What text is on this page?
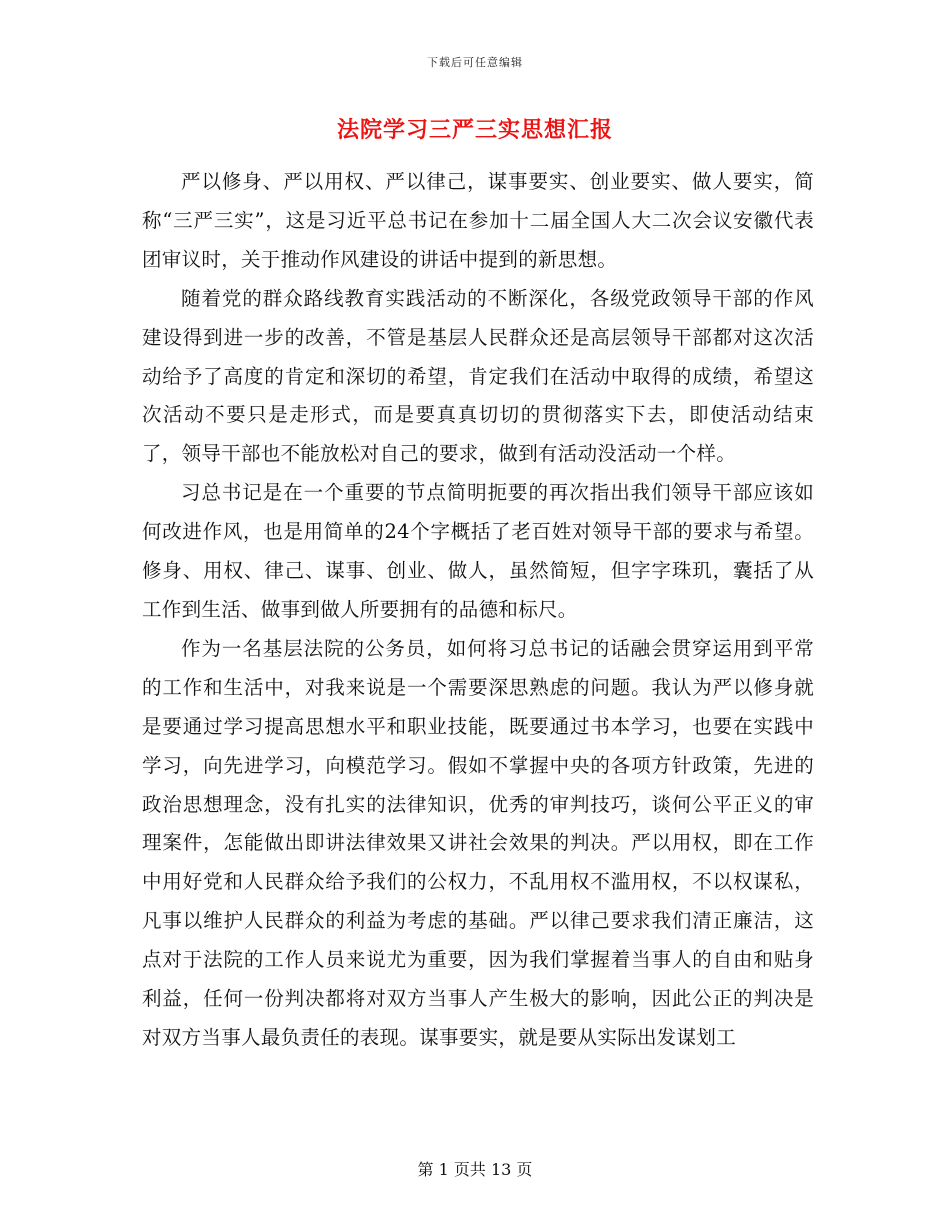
下载后可任意编辑
法院学习三严三实思想汇报

严以修身、严以用权、严以律己，谋事要实、创业要实、做人要实，简称“三严三实”，这是习近平总书记在参加十二届全国人大二次会议安徽代表团审议时，关于推动作风建设的讲话中提到的新思想。

随着党的群众路线教育实践活动的不断深化，各级党政领导干部的作风建设得到进一步的改善，不管是基层人民群众还是高层领导干部都对这次活动给予了高度的肯定和深切的希望，肯定我们在活动中取得的成绩，希望这次活动不要只是走形式，而是要真真切切的贯彻落实下去，即使活动结束了，领导干部也不能放松对自己的要求，做到有活动没活动一个样。

习总书记是在一个重要的节点简明扼要的再次指出我们领导干部应该如何改进作风，也是用简单的24个字概括了老百姓对领导干部的要求与希望。修身、用权、律己、谋事、创业、做人，虽然简短，但字字珠玑，囊括了从工作到生活、做事到做人所要拥有的品德和标尺。

作为一名基层法院的公务员，如何将习总书记的话融会贯穿运用到平常的工作和生活中，对我来说是一个需要深思熟虑的问题。我认为严以修身就是要通过学习提高思想水平和职业技能，既要通过书本学习，也要在实践中学习，向先进学习，向模范学习。假如不掌握中央的各项方针政策，先进的政治思想理念，没有扎实的法律知识，优秀的审判技巧，谈何公平正义的审理案件，怎能做出即讲法律效果又讲社会效果的判决。严以用权，即在工作中用好党和人民群众给予我们的公权力，不乱用权不滥用权，不以权谋私，凡事以维护人民群众的利益为考虑的基础。严以律己要求我们清正廉洁，这点对于法院的工作人员来说尤为重要，因为我们掌握着当事人的自由和贴身利益，任何一份判决都将对双方当事人产生极大的影响，因此公正的判决是对双方当事人最负责任的表现。谋事要实，就是要从实际出发谋划工

第 1 页共 13 页
